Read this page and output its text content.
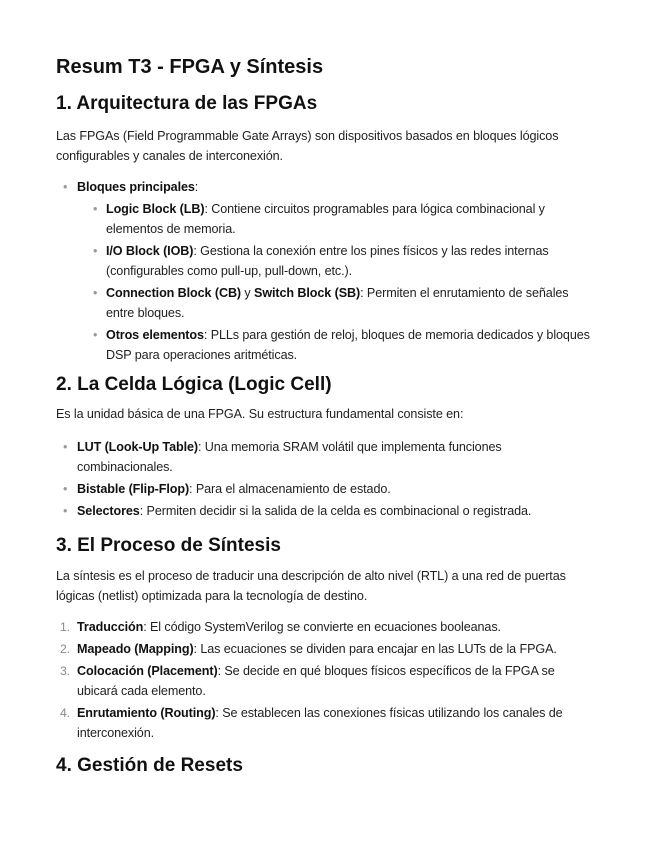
Resum T3 - FPGA y Síntesis
1. Arquitectura de las FPGAs

Las FPGAs (Field Programmable Gate Arrays) son dispositivos basados en bloques lógicos configurables y canales de interconexión.

• Bloques principales:
• Logic Block (LB): Contiene circuitos programables para lógica combinacional y elementos de memoria.
• I/O Block (IOB): Gestiona la conexión entre los pines físicos y las redes internas (configurables como pull-up, pull-down, etc.).
• Connection Block (CB) y Switch Block (SB): Permiten el enrutamiento de señales entre bloques.
• Otros elementos: PLLs para gestión de reloj, bloques de memoria dedicados y bloques DSP para operaciones aritméticas.
2. La Celda Lógica (Logic Cell)

Es la unidad básica de una FPGA. Su estructura fundamental consiste en:

• LUT (Look-Up Table): Una memoria SRAM volátil que implementa funciones combinacionales.
• Bistable (Flip-Flop): Para el almacenamiento de estado.
• Selectores: Permiten decidir si la salida de la celda es combinacional o registrada.
3. El Proceso de Síntesis

La síntesis es el proceso de traducir una descripción de alto nivel (RTL) a una red de puertas lógicas (netlist) optimizada para la tecnología de destino.

1. Traducción: El código SystemVerilog se convierte en ecuaciones booleanas.
2. Mapeado (Mapping): Las ecuaciones se dividen para encajar en las LUTs de la FPGA.
3. Colocación (Placement): Se decide en qué bloques físicos específicos de la FPGA se ubicará cada elemento.
4. Enrutamiento (Routing): Se establecen las conexiones físicas utilizando los canales de interconexión.
4. Gestión de Resets
